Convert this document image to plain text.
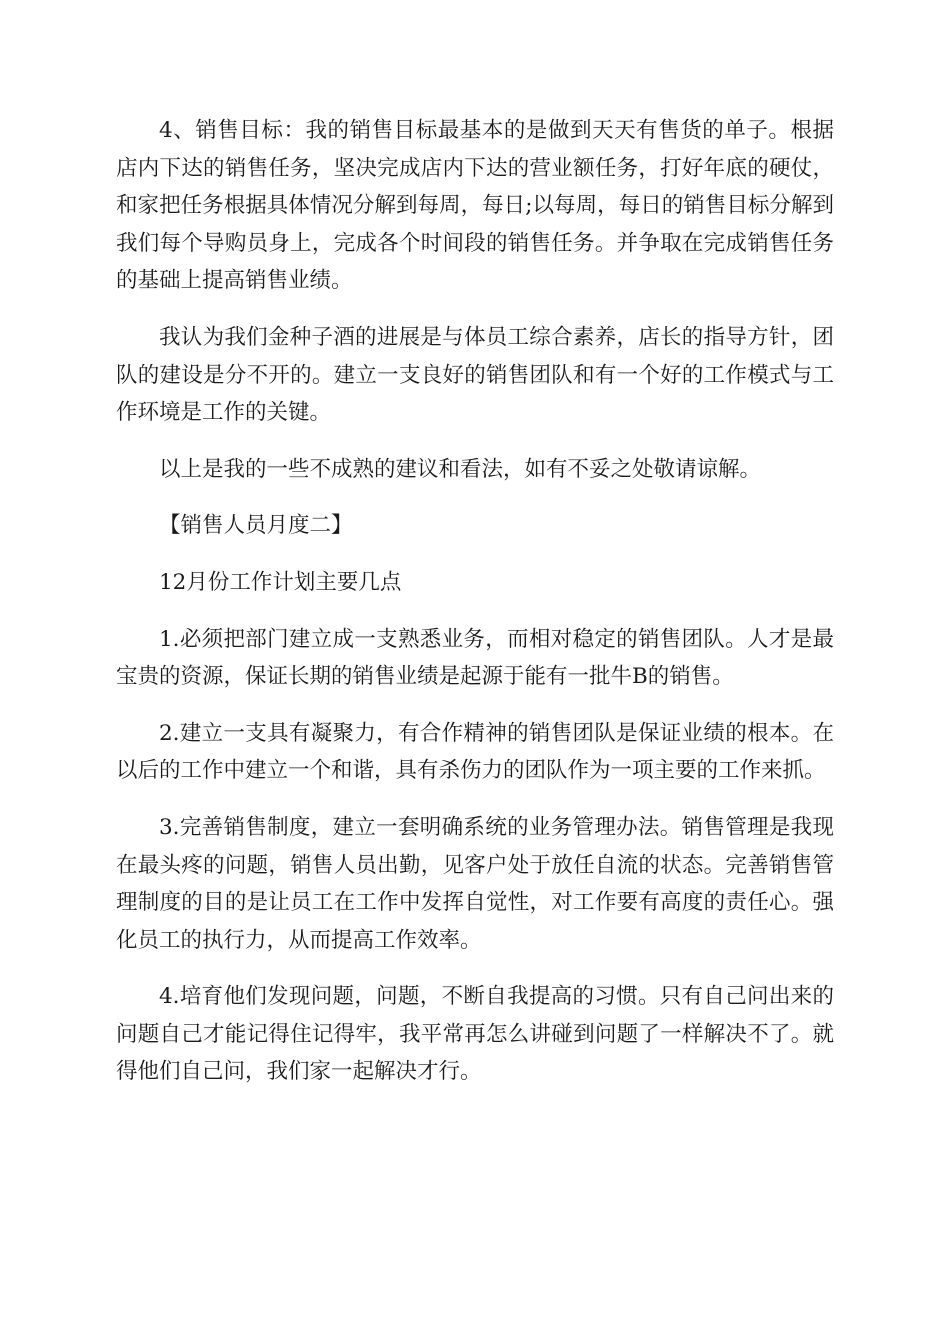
4、销售目标：我的销售目标最基本的是做到天天有售货的单子。根据店内下达的销售任务，坚决完成店内下达的营业额任务，打好年底的硬仗，和家把任务根据具体情况分解到每周，每日;以每周，每日的销售目标分解到我们每个导购员身上，完成各个时间段的销售任务。并争取在完成销售任务的基础上提高销售业绩。

我认为我们金种子酒的进展是与体员工综合素养，店长的指导方针，团队的建设是分不开的。建立一支良好的销售团队和有一个好的工作模式与工作环境是工作的关键。

以上是我的一些不成熟的建议和看法，如有不妥之处敬请谅解。

【销售人员月度二】

12月份工作计划主要几点

1.必须把部门建立成一支熟悉业务，而相对稳定的销售团队。人才是最宝贵的资源，保证长期的销售业绩是起源于能有一批牛B的销售。

2.建立一支具有凝聚力，有合作精神的销售团队是保证业绩的根本。在以后的工作中建立一个和谐，具有杀伤力的团队作为一项主要的工作来抓。

3.完善销售制度，建立一套明确系统的业务管理办法。销售管理是我现在最头疼的问题，销售人员出勤，见客户处于放任自流的状态。完善销售管理制度的目的是让员工在工作中发挥自觉性，对工作要有高度的责任心。强化员工的执行力，从而提高工作效率。

4.培育他们发现问题，问题，不断自我提高的习惯。只有自己问出来的问题自己才能记得住记得牢，我平常再怎么讲碰到问题了一样解决不了。就得他们自己问，我们家一起解决才行。
